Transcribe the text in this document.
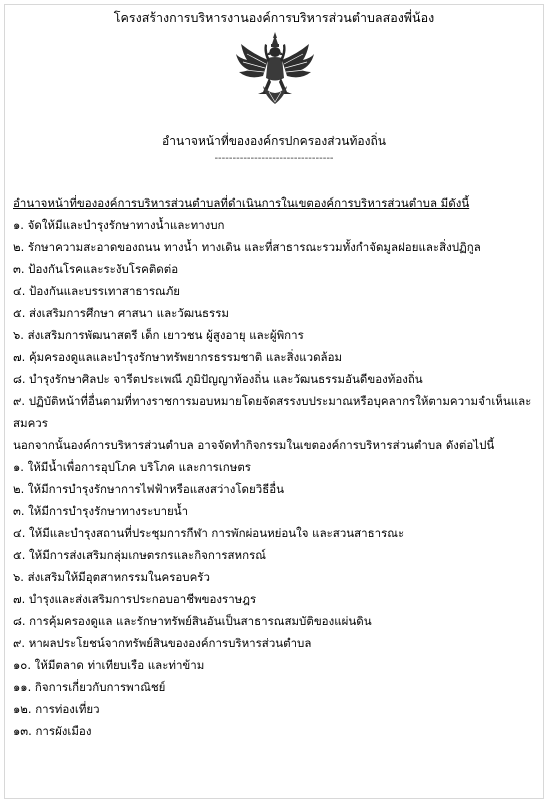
โครงสร้างการบริหารงานองค์การบริหารส่วนตำบลสองพี่น้อง
อำนาจหน้าที่ขององค์กรปกครองส่วนท้องถิ่น
---------------------------------
อำนาจหน้าที่ขององค์การบริหารส่วนตำบลที่ดำเนินการในเขตองค์การบริหารส่วนตำบล มีดังนี้
๑. จัดให้มีและบำรุงรักษาทางน้ำและทางบก
๒. รักษาความสะอาดของถนน ทางน้ำ ทางเดิน และที่สาธารณะรวมทั้งกำจัดมูลฝอยและสิ่งปฏิกูล
๓. ป้องกันโรคและระงับโรคติดต่อ
๔. ป้องกันและบรรเทาสาธารณภัย
๕. ส่งเสริมการศึกษา ศาสนา และวัฒนธรรม
๖. ส่งเสริมการพัฒนาสตรี เด็ก เยาวชน ผู้สูงอายุ และผู้พิการ
๗. คุ้มครองดูแลและบำรุงรักษาทรัพยากรธรรมชาติ และสิ่งแวดล้อม
๘. บำรุงรักษาศิลปะ จารีตประเพณี ภูมิปัญญาท้องถิ่น และวัฒนธรรมอันดีของท้องถิ่น
๙. ปฏิบัติหน้าที่อื่นตามที่ทางราชการมอบหมายโดยจัดสรรงบประมาณหรือบุคลากรให้ตามความจำเห็นและ
สมควร
นอกจากนั้นองค์การบริหารส่วนตำบล อาจจัดทำกิจกรรมในเขตองค์การบริหารส่วนตำบล ดังต่อไปนี้
๑. ให้มีน้ำเพื่อการอุปโภค บริโภค และการเกษตร
๒. ให้มีการบำรุงรักษาการไฟฟ้าหรือแสงสว่างโดยวิธีอื่น
๓. ให้มีการบำรุงรักษาทางระบายน้ำ
๔. ให้มีและบำรุงสถานที่ประชุมการกีฬา การพักผ่อนหย่อนใจ และสวนสาธารณะ
๕. ให้มีการส่งเสริมกลุ่มเกษตรกรและกิจการสหกรณ์
๖. ส่งเสริมให้มีอุตสาหกรรมในครอบครัว
๗. บำรุงและส่งเสริมการประกอบอาชีพของราษฎร
๘. การคุ้มครองดูแล และรักษาทรัพย์สินอันเป็นสาธารณสมบัติของแผ่นดิน
๙. หาผลประโยชน์จากทรัพย์สินขององค์การบริหารส่วนตำบล
๑๐. ให้มีตลาด ท่าเทียบเรือ และท่าข้าม
๑๑. กิจการเกี่ยวกับการพาณิชย์
๑๒. การท่องเที่ยว
๑๓. การผังเมือง
